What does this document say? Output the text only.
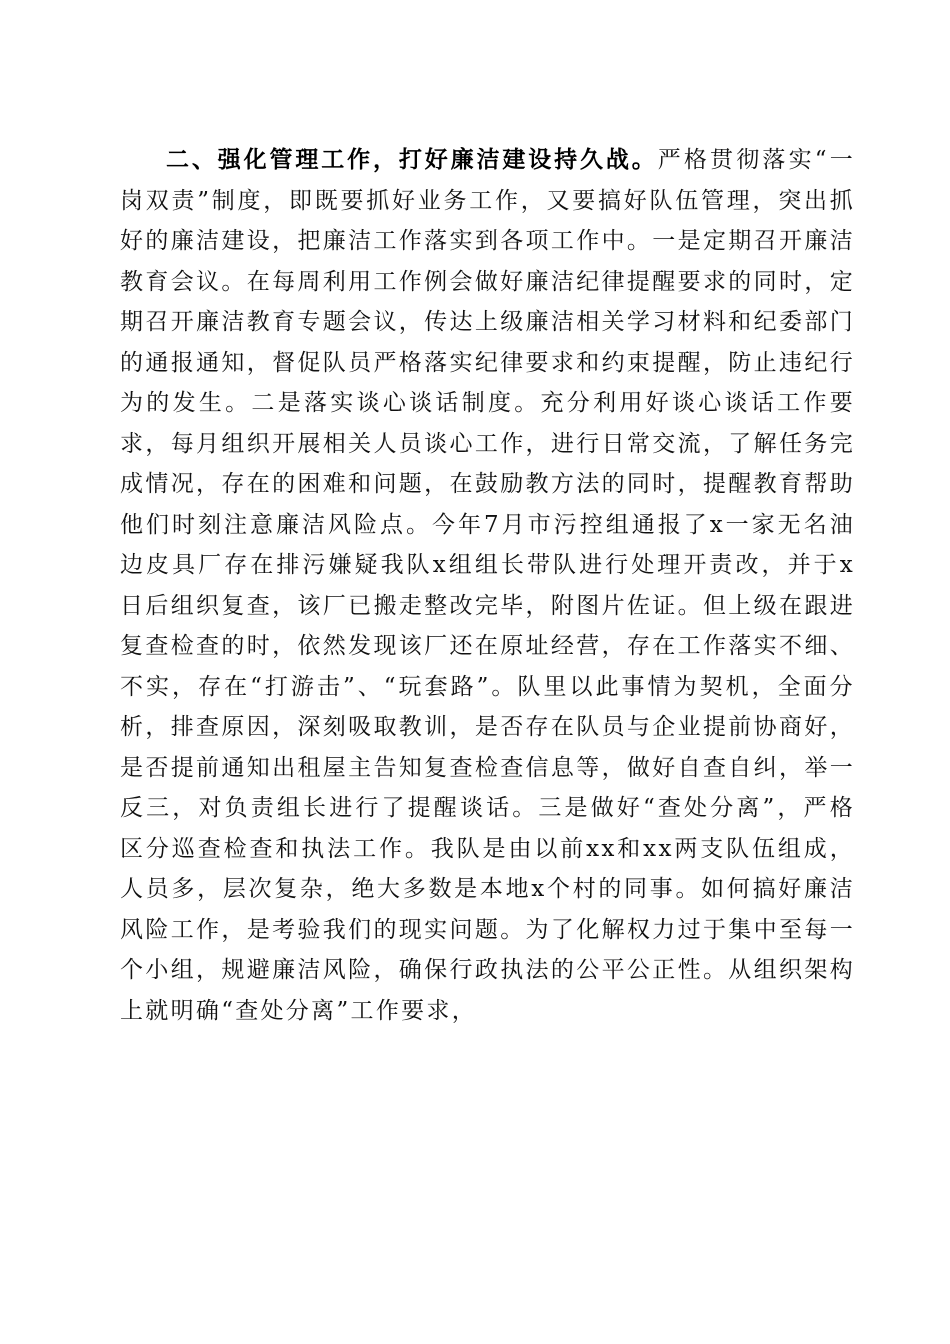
二、强化管理工作，打好廉洁建设持久战。严格贯彻落实“一岗双责”制度，即既要抓好业务工作，又要搞好队伍管理，突出抓好的廉洁建设，把廉洁工作落实到各项工作中。一是定期召开廉洁教育会议。在每周利用工作例会做好廉洁纪律提醒要求的同时，定期召开廉洁教育专题会议，传达上级廉洁相关学习材料和纪委部门的通报通知，督促队员严格落实纪律要求和约束提醒，防止违纪行为的发生。二是落实谈心谈话制度。充分利用好谈心谈话工作要求，每月组织开展相关人员谈心工作，进行日常交流，了解任务完成情况，存在的困难和问题，在鼓励教方法的同时，提醒教育帮助他们时刻注意廉洁风险点。今年7月市污控组通报了x一家无名油边皮具厂存在排污嫌疑我队x组组长带队进行处理开责改，并于x日后组织复查，该厂已搬走整改完毕，附图片佐证。但上级在跟进复查检查的时，依然发现该厂还在原址经营，存在工作落实不细、不实，存在“打游击”、“玩套路”。队里以此事情为契机，全面分析，排查原因，深刻吸取教训，是否存在队员与企业提前协商好，是否提前通知出租屋主告知复查检查信息等，做好自查自纠，举一反三，对负责组长进行了提醒谈话。三是做好“查处分离”，严格区分巡查检查和执法工作。我队是由以前xx和xx两支队伍组成，人员多，层次复杂，绝大多数是本地x个村的同事。如何搞好廉洁风险工作，是考验我们的现实问题。为了化解权力过于集中至每一个小组，规避廉洁风险，确保行政执法的公平公正性。从组织架构上就明确“查处分离”工作要求，
